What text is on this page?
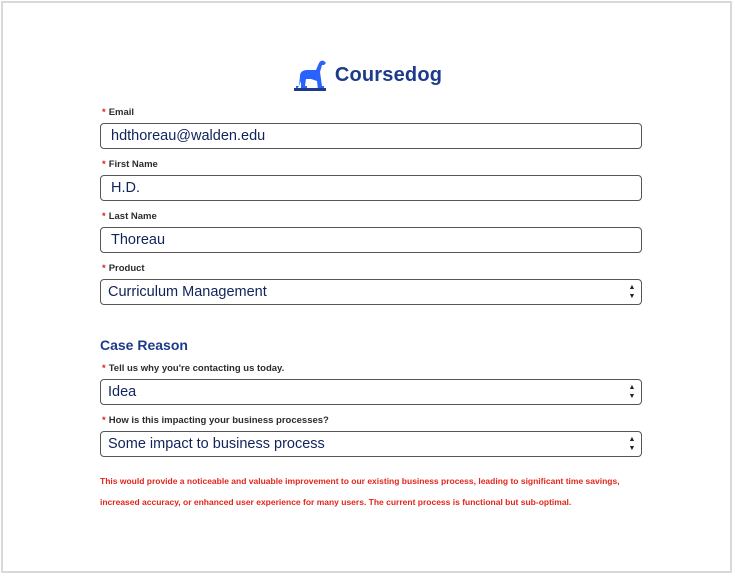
Coursedog
* Email
hdthoreau@walden.edu
* First Name
H.D.
* Last Name
Thoreau
* Product
Curriculum Management	▲
▼
Case Reason
* Tell us why you're contacting us today.
Idea	▲
▼
* How is this impacting your business processes?
Some impact to business process	▲
▼
This would provide a noticeable and valuable improvement to our existing business process, leading to significant time savings, increased accuracy, or enhanced user experience for many users. The current process is functional but sub-optimal.
